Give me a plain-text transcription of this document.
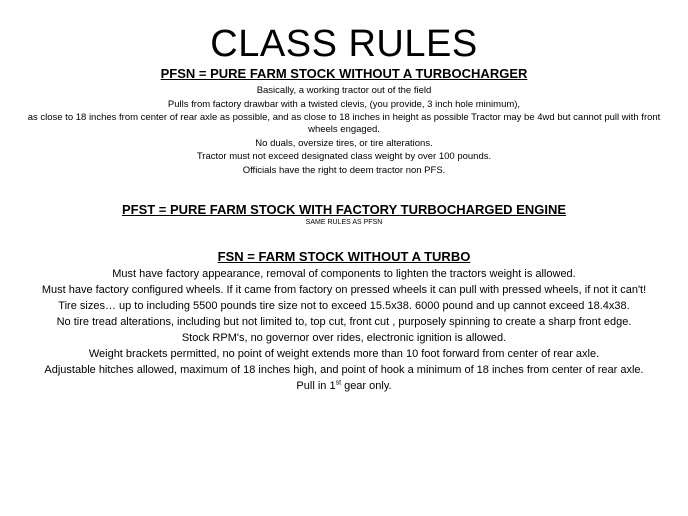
CLASS RULES

PFSN = PURE FARM STOCK WITHOUT A TURBOCHARGER

Basically, a working tractor out of the field

Pulls from factory drawbar with a twisted clevis, (you provide, 3 inch hole minimum),

as close to 18 inches from center of rear axle as possible, and as close to 18 inches in height as possible Tractor may be 4wd but cannot pull with front wheels engaged.

No duals, oversize tires, or tire alterations.

Tractor must not exceed designated class weight by over 100 pounds.

Officials have the right to deem tractor non PFS.

PFST = PURE FARM STOCK WITH FACTORY TURBOCHARGED ENGINE

SAME RULES AS PFSN

FSN = FARM STOCK WITHOUT A TURBO

Must have factory appearance, removal of components to lighten the tractors weight is allowed.

Must have factory configured wheels. If it came from factory on pressed wheels it can pull with pressed wheels, if not it can't!

Tire sizes… up to including 5500 pounds tire size not to exceed 15.5x38. 6000 pound and up cannot exceed 18.4x38.

No tire tread alterations, including but not limited to, top cut, front cut , purposely spinning to create a sharp front edge.

Stock RPM's, no governor over rides, electronic ignition is allowed.

Weight brackets permitted, no point of weight extends more than 10 foot forward from center of rear axle.

Adjustable hitches allowed, maximum of 18 inches high, and point of hook a minimum of 18 inches from center of rear axle.

Pull in 1st gear only.
